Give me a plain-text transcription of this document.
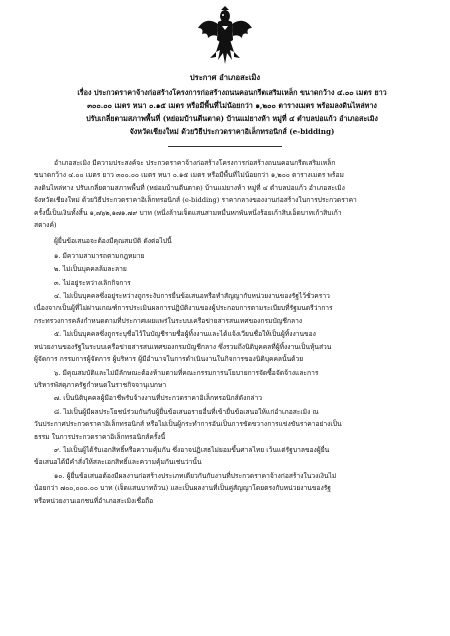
ประกาศ อำเภอสะเมิง
เรื่อง ประกวดราคาจ้างก่อสร้างโครงการก่อสร้างถนนคอนกรีตเสริมเหล็ก ขนาดกว้าง ๔.๐๐ เมตร ยาว
๓๐๐.๐๐ เมตร หนา ๐.๑๕ เมตร หรือมีพื้นที่ไม่น้อยกว่า ๑,๒๐๐ ตารางเมตร พร้อมลงดินไหล่ทาง
ปรับเกลี่ยตามสภาพพื้นที่ (หย่อมบ้านตีนตาด) บ้านแม่ยางห้า หมู่ที่ ๔ ตำบลบ่อแก้ว อำเภอสะเมิง
จังหวัดเชียงใหม่ ด้วยวิธีประกวดราคาอิเล็กทรอนิกส์ (e-bidding)

อำเภอสะเมิง มีความประสงค์จะ ประกวดราคาจ้างก่อสร้างโครงการก่อสร้างถนนคอนกรีตเสริมเหล็ก
ขนาดกว้าง ๔.๐๐ เมตร ยาว ๓๐๐.๐๐ เมตร หนา ๐.๑๕ เมตร หรือมีพื้นที่ไม่น้อยกว่า ๑,๒๐๐ ตารางเมตร พร้อม
ลงดินไหล่ทาง ปรับเกลี่ยตามสภาพพื้นที่ (หย่อมบ้านตีนตาด) บ้านแม่ยางห้า หมู่ที่ ๔ ตำบลบ่อแก้ว อำเภอสะเมิง
จังหวัดเชียงใหม่ ด้วยวิธีประกวดราคาอิเล็กทรอนิกส์ (e-bidding) ราคากลางของงานก่อสร้างในการประกวดราคา
ครั้งนี้เป็นเงินทั้งสิ้น ๑,๗๖๒,๑๗๑.๗๙ บาท (หนึ่งล้านเจ็ดแสนสามหมื่นหกพันหนึ่งร้อยเก้าสิบเอ็ดบาทเก้าสิบเก้า
สตางค์)

ผู้ยื่นข้อเสนอจะต้องมีคุณสมบัติ ดังต่อไปนี้

๑. มีความสามารถตามกฎหมาย

๒. ไม่เป็นบุคคลล้มละลาย

๓. ไม่อยู่ระหว่างเลิกกิจการ

๔. ไม่เป็นบุคคลซึ่งอยู่ระหว่างถูกระงับการยื่นข้อเสนอหรือทำสัญญากับหน่วยงานของรัฐไว้ชั่วคราว
เนื่องจากเป็นผู้ที่ไม่ผ่านเกณฑ์การประเมินผลการปฏิบัติงานของผู้ประกอบการตามระเบียบที่รัฐมนตรีว่าการ
กระทรวงการคลังกำหนดตามที่ประกาศเผยแพร่ในระบบเครือข่ายสารสนเทศของกรมบัญชีกลาง

๕. ไม่เป็นบุคคลซึ่งถูกระบุชื่อไว้ในบัญชีรายชื่อผู้ทิ้งงานและได้แจ้งเวียนชื่อให้เป็นผู้ทิ้งงานของ
หน่วยงานของรัฐในระบบเครือข่ายสารสนเทศของกรมบัญชีกลาง ซึ่งรวมถึงนิติบุคคลที่ผู้ทิ้งงานเป็นหุ้นส่วน
ผู้จัดการ กรรมการผู้จัดการ ผู้บริหาร ผู้มีอำนาจในการดำเนินงานในกิจการของนิติบุคคลนั้นด้วย

๖. มีคุณสมบัติและไม่มีลักษณะต้องห้ามตามที่คณะกรรมการนโยบายการจัดซื้อจัดจ้างและการ
บริหารพัสดุภาครัฐกำหนดในราชกิจจานุเบกษา

๗. เป็นนิติบุคคลผู้มีอาชีพรับจ้างงานที่ประกวดราคาอิเล็กทรอนิกส์ดังกล่าว

๘. ไม่เป็นผู้มีผลประโยชน์ร่วมกันกับผู้ยื่นข้อเสนอรายอื่นที่เข้ายื่นข้อเสนอให้แก่อำเภอสะเมิง ณ
วันประกาศประกวดราคาอิเล็กทรอนิกส์ หรือไม่เป็นผู้กระทำการอันเป็นการขัดขวางการแข่งขันราคาอย่างเป็น
ธรรม ในการประกวดราคาอิเล็กทรอนิกส์ครั้งนี้

๙. ไม่เป็นผู้ได้รับเอกสิทธิ์หรือความคุ้มกัน ซึ่งอาจปฏิเสธไม่ยอมขึ้นศาลไทย เว้นแต่รัฐบาลของผู้ยื่น
ข้อเสนอได้มีคำสั่งให้สละเอกสิทธิ์และความคุ้มกันเช่นว่านั้น

๑๐. ผู้ยื่นข้อเสนอต้องมีผลงานก่อสร้างประเภทเดียวกันกับงานที่ประกวดราคาจ้างก่อสร้างในวงเงินไม่
น้อยกว่า ๗๐๐,๐๐๐.๐๐ บาท (เจ็ดแสนบาทถ้วน) และเป็นผลงานที่เป็นคู่สัญญาโดยตรงกับหน่วยงานของรัฐ
หรือหน่วยงานเอกชนที่อำเภอสะเมิงเชื่อถือ
